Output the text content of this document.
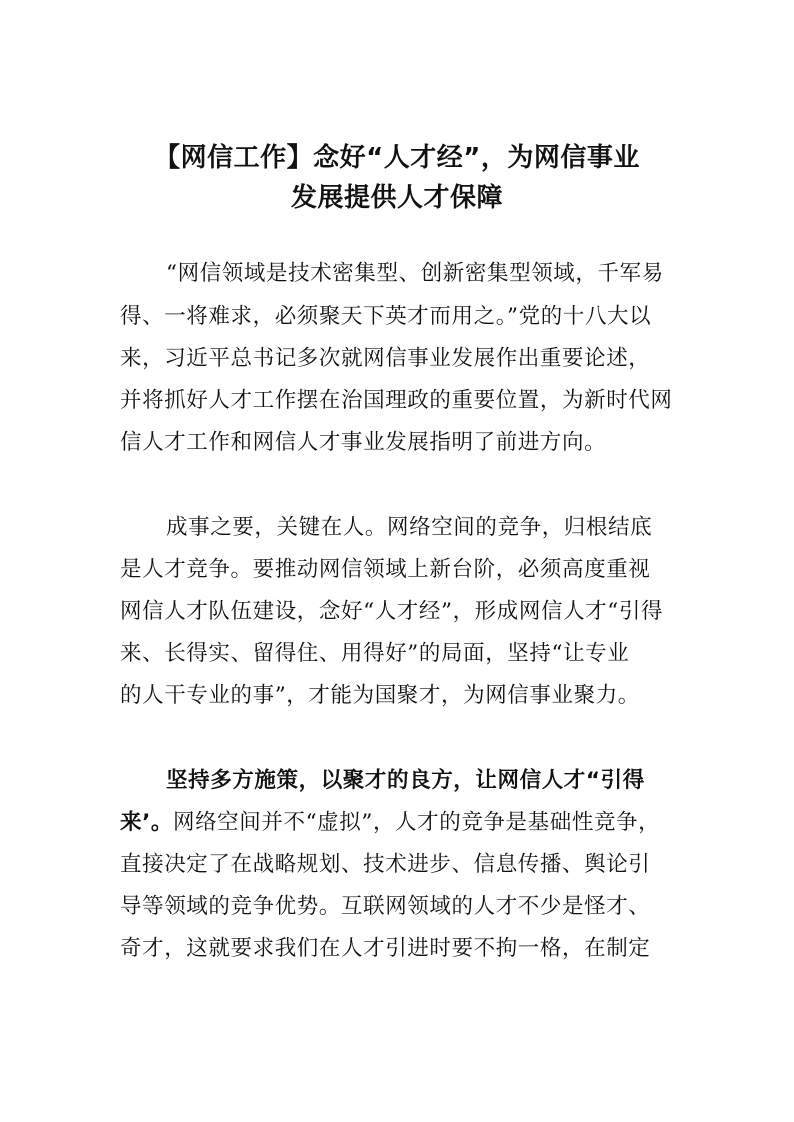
【网信工作】念好“人才经”，为网信事业
发展提供人才保障
“网信领域是技术密集型、创新密集型领域，千军易
得、一将难求，必须聚天下英才而用之。”党的十八大以
来，习近平总书记多次就网信事业发展作出重要论述，
并将抓好人才工作摆在治国理政的重要位置，为新时代网
信人才工作和网信人才事业发展指明了前进方向。
成事之要，关键在人。网络空间的竞争，归根结底
是人才竞争。要推动网信领域上新台阶，必须高度重视
网信人才队伍建设，念好“人才经”，形成网信人才“引得
来、长得实、留得住、用得好”的局面，坚持“让专业
的人干专业的事”，才能为国聚才，为网信事业聚力。
坚持多方施策，以聚才的良方，让网信人才“引得
来’。网络空间并不“虚拟”，人才的竞争是基础性竞争，
直接决定了在战略规划、技术进步、信息传播、舆论引
导等领域的竞争优势。互联网领域的人才不少是怪才、
奇才，这就要求我们在人才引进时要不拘一格，在制定
